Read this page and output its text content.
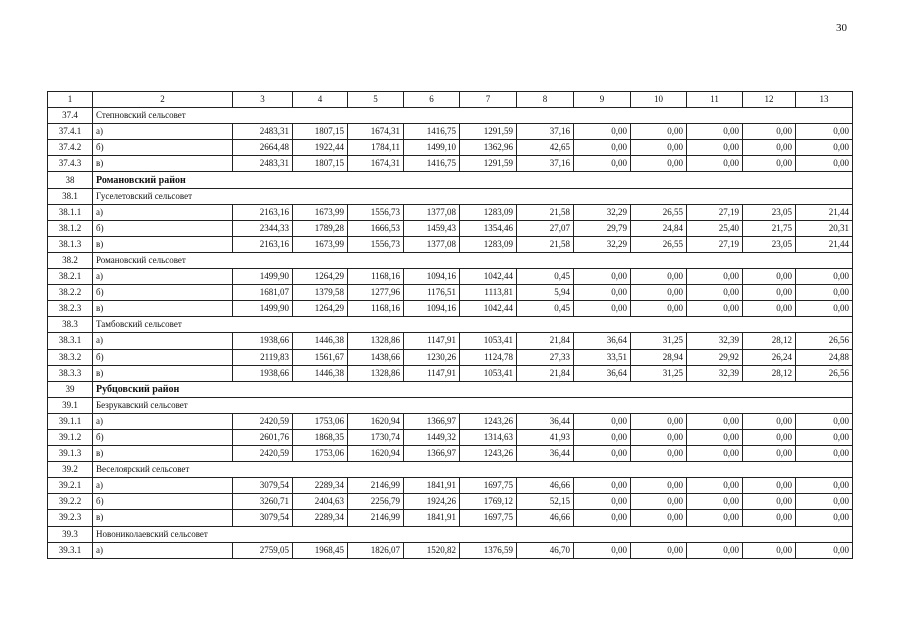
30
1	2	3	4	5	6	7	8	9	10	11	12	13
37.4	Степновский сельсовет											
37.4.1	а)	2483,31	1807,15	1674,31	1416,75	1291,59	37,16	0,00	0,00	0,00	0,00	0,00
37.4.2	б)	2664,48	1922,44	1784,11	1499,10	1362,96	42,65	0,00	0,00	0,00	0,00	0,00
37.4.3	в)	2483,31	1807,15	1674,31	1416,75	1291,59	37,16	0,00	0,00	0,00	0,00	0,00
38	Романовский район											
38.1	Гуселетовский сельсовет											
38.1.1	а)	2163,16	1673,99	1556,73	1377,08	1283,09	21,58	32,29	26,55	27,19	23,05	21,44
38.1.2	б)	2344,33	1789,28	1666,53	1459,43	1354,46	27,07	29,79	24,84	25,40	21,75	20,31
38.1.3	в)	2163,16	1673,99	1556,73	1377,08	1283,09	21,58	32,29	26,55	27,19	23,05	21,44
38.2	Романовский сельсовет											
38.2.1	а)	1499,90	1264,29	1168,16	1094,16	1042,44	0,45	0,00	0,00	0,00	0,00	0,00
38.2.2	б)	1681,07	1379,58	1277,96	1176,51	1113,81	5,94	0,00	0,00	0,00	0,00	0,00
38.2.3	в)	1499,90	1264,29	1168,16	1094,16	1042,44	0,45	0,00	0,00	0,00	0,00	0,00
38.3	Тамбовский сельсовет											
38.3.1	а)	1938,66	1446,38	1328,86	1147,91	1053,41	21,84	36,64	31,25	32,39	28,12	26,56
38.3.2	б)	2119,83	1561,67	1438,66	1230,26	1124,78	27,33	33,51	28,94	29,92	26,24	24,88
38.3.3	в)	1938,66	1446,38	1328,86	1147,91	1053,41	21,84	36,64	31,25	32,39	28,12	26,56
39	Рубцовский район											
39.1	Безрукавский сельсовет											
39.1.1	а)	2420,59	1753,06	1620,94	1366,97	1243,26	36,44	0,00	0,00	0,00	0,00	0,00
39.1.2	б)	2601,76	1868,35	1730,74	1449,32	1314,63	41,93	0,00	0,00	0,00	0,00	0,00
39.1.3	в)	2420,59	1753,06	1620,94	1366,97	1243,26	36,44	0,00	0,00	0,00	0,00	0,00
39.2	Веселоярский сельсовет											
39.2.1	а)	3079,54	2289,34	2146,99	1841,91	1697,75	46,66	0,00	0,00	0,00	0,00	0,00
39.2.2	б)	3260,71	2404,63	2256,79	1924,26	1769,12	52,15	0,00	0,00	0,00	0,00	0,00
39.2.3	в)	3079,54	2289,34	2146,99	1841,91	1697,75	46,66	0,00	0,00	0,00	0,00	0,00
39.3	Новониколаевский сельсовет											
39.3.1	а)	2759,05	1968,45	1826,07	1520,82	1376,59	46,70	0,00	0,00	0,00	0,00	0,00
